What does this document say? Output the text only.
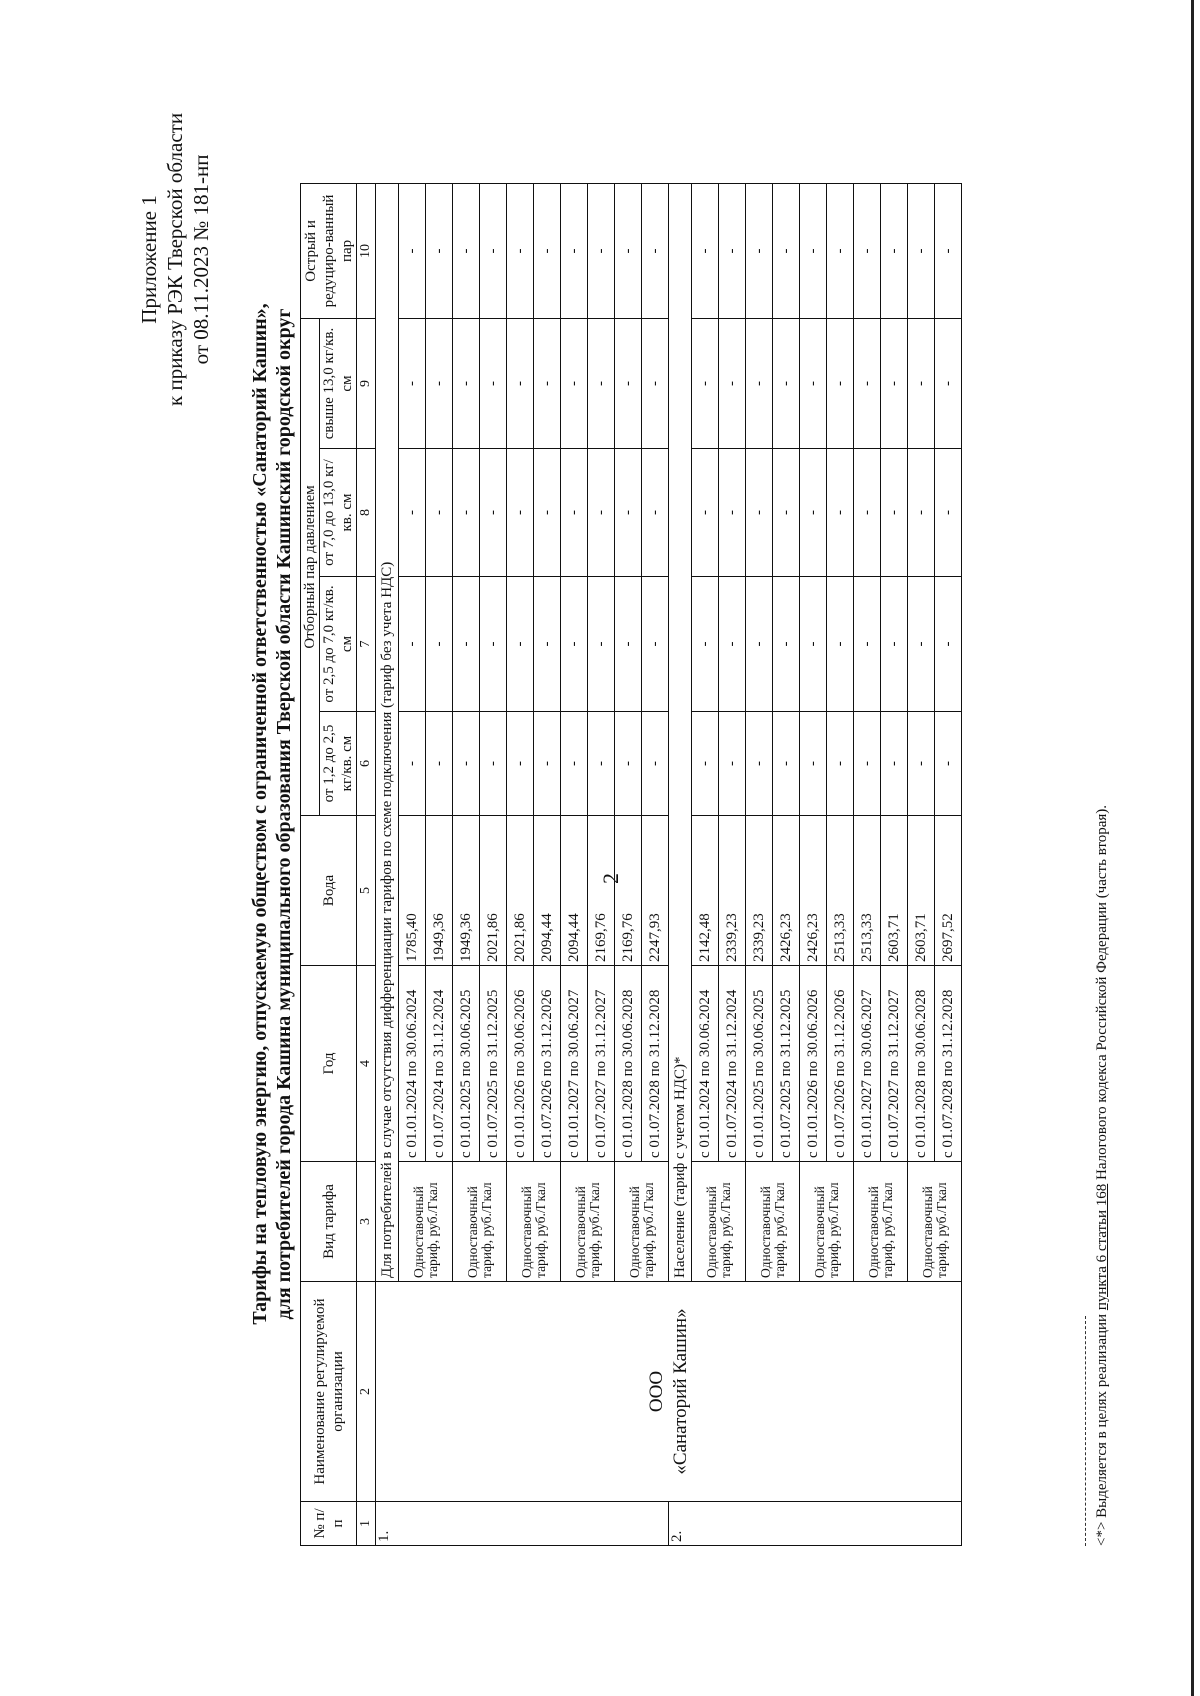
2
Приложение 1 к приказу РЭК Тверской области от 08.11.2023 № 181-нп
Тарифы на тепловую энергию, отпускаемую обществом с ограниченной ответственностью «Санаторий Кашин», для потребителей города Кашина муниципального образования Тверской области Кашинский городской округ
№ п/п	Наименование регулируемой организации	Вид тарифа	Год	Вода	Отборный пар давлением				Острый и редуциро-ванный пар
					от 1,2 до 2,5 кг/кв. см	от 2,5 до 7,0 кг/кв. см	от 7,0 до 13,0 кг/кв. см	свыше 13,0 кг/кв. см	
1	2	3	4	5	6	7	8	9	10
1.	ООО «Санаторий Кашин»	Для потребителей в случае отсутствия дифференциации тарифов по схеме подключения (тариф без учета НДС)							
		Одноставочный тариф, руб./Гкал	с 01.01.2024 по 30.06.2024	1785,40	-	-	-	-	-
			с 01.07.2024 по 31.12.2024	1949,36	-	-	-	-	-
		Одноставочный тариф, руб./Гкал	с 01.01.2025 по 30.06.2025	1949,36	-	-	-	-	-
			с 01.07.2025 по 31.12.2025	2021,86	-	-	-	-	-
		Одноставочный тариф, руб./Гкал	с 01.01.2026 по 30.06.2026	2021,86	-	-	-	-	-
			с 01.07.2026 по 31.12.2026	2094,44	-	-	-	-	-
		Одноставочный тариф, руб./Гкал	с 01.01.2027 по 30.06.2027	2094,44	-	-	-	-	-
			с 01.07.2027 по 31.12.2027	2169,76	-	-	-	-	-
		Одноставочный тариф, руб./Гкал	с 01.01.2028 по 30.06.2028	2169,76	-	-	-	-	-
			с 01.07.2028 по 31.12.2028	2247,93	-	-	-	-	-
2.		Население (тариф с учетом НДС)*							
		Одноставочный тариф, руб./Гкал	с 01.01.2024 по 30.06.2024	2142,48	-	-	-	-	-
			с 01.07.2024 по 31.12.2024	2339,23	-	-	-	-	-
		Одноставочный тариф, руб./Гкал	с 01.01.2025 по 30.06.2025	2339,23	-	-	-	-	-
			с 01.07.2025 по 31.12.2025	2426,23	-	-	-	-	-
		Одноставочный тариф, руб./Гкал	с 01.01.2026 по 30.06.2026	2426,23	-	-	-	-	-
			с 01.07.2026 по 31.12.2026	2513,33	-	-	-	-	-
		Одноставочный тариф, руб./Гкал	с 01.01.2027 по 30.06.2027	2513,33	-	-	-	-	-
			с 01.07.2027 по 31.12.2027	2603,71	-	-	-	-	-
		Одноставочный тариф, руб./Гкал	с 01.01.2028 по 30.06.2028	2603,71	-	-	-	-	-
			с 01.07.2028 по 31.12.2028	2697,52	-	-	-	-	-
<*> Выделяется в целях реализации пункта 6 статьи 168 Налогового кодекса Российской Федерации (часть вторая).
